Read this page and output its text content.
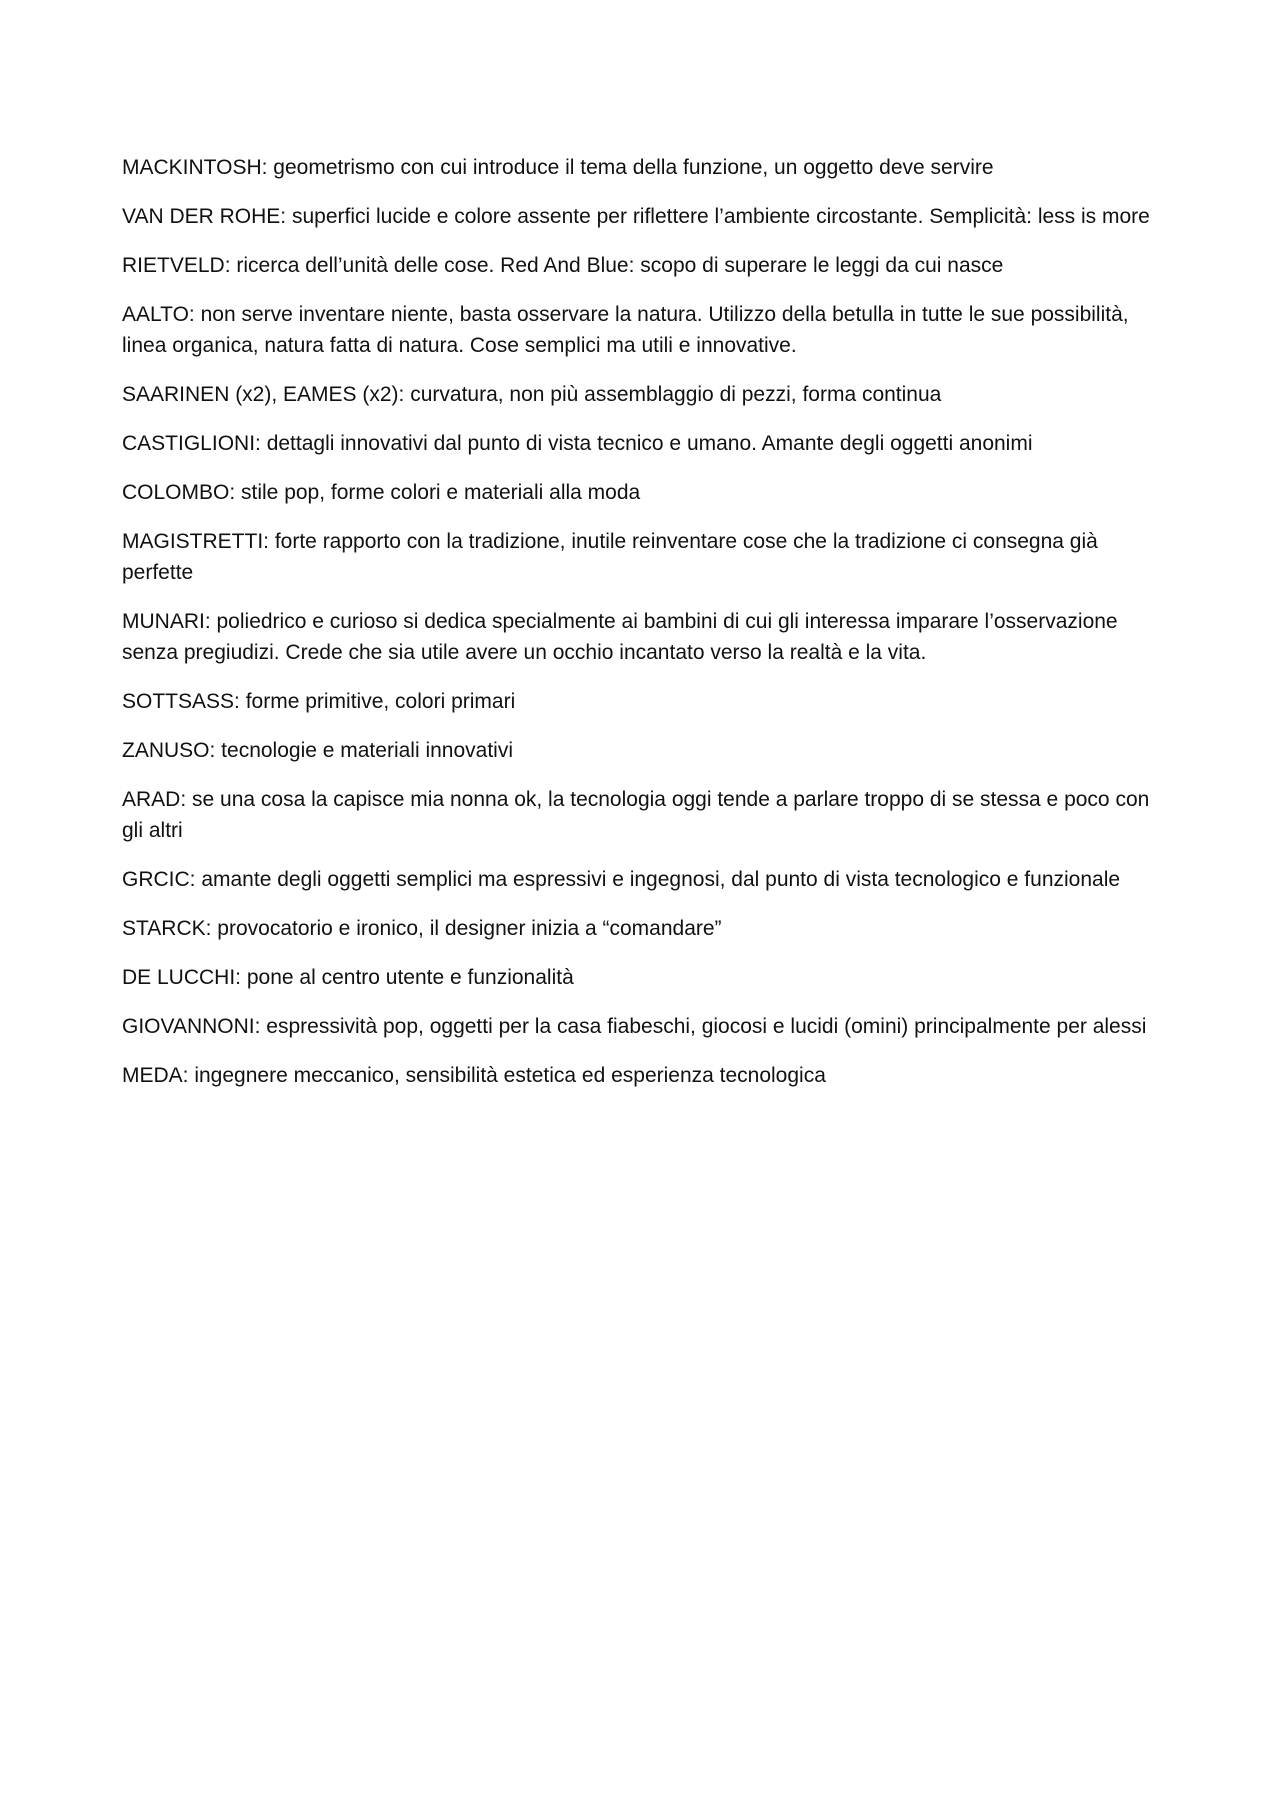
MACKINTOSH: geometrismo con cui introduce il tema della funzione, un oggetto deve servire

VAN DER ROHE: superfici lucide e colore assente per riflettere l’ambiente circostante. Semplicità: less is more

RIETVELD: ricerca dell’unità delle cose. Red And Blue: scopo di superare le leggi da cui nasce

AALTO: non serve inventare niente, basta osservare la natura. Utilizzo della betulla in tutte le sue possibilità, linea organica, natura fatta di natura. Cose semplici ma utili e innovative.

SAARINEN (x2), EAMES (x2): curvatura, non più assemblaggio di pezzi, forma continua

CASTIGLIONI: dettagli innovativi dal punto di vista tecnico e umano. Amante degli oggetti anonimi

COLOMBO: stile pop, forme colori e materiali alla moda

MAGISTRETTI: forte rapporto con la tradizione, inutile reinventare cose che la tradizione ci consegna già perfette

MUNARI: poliedrico e curioso si dedica specialmente ai bambini di cui gli interessa imparare l’osservazione senza pregiudizi. Crede che sia utile avere un occhio incantato verso la realtà e la vita.

SOTTSASS: forme primitive, colori primari

ZANUSO: tecnologie e materiali innovativi

ARAD: se una cosa la capisce mia nonna ok, la tecnologia oggi tende a parlare troppo di se stessa e poco con gli altri

GRCIC: amante degli oggetti semplici ma espressivi e ingegnosi, dal punto di vista tecnologico e funzionale

STARCK: provocatorio e ironico, il designer inizia a “comandare”

DE LUCCHI: pone al centro utente e funzionalità

GIOVANNONI: espressività pop, oggetti per la casa fiabeschi, giocosi e lucidi (omini) principalmente per alessi

MEDA: ingegnere meccanico, sensibilità estetica ed esperienza tecnologica
